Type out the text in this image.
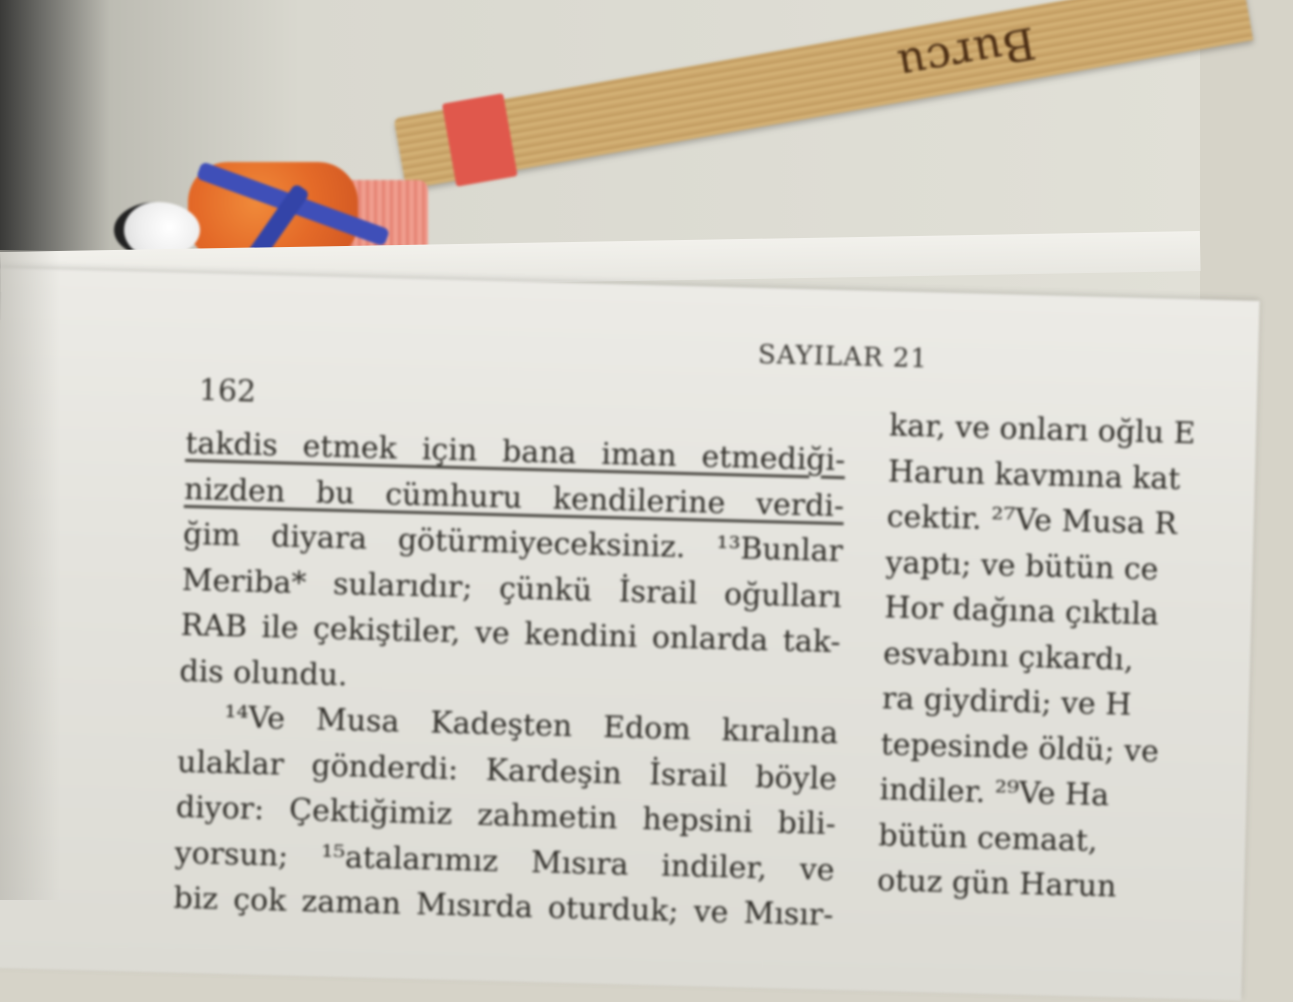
Burcu
SAYILAR 21
162
takdis etmek için bana iman etmediği-
nizden bu cümhuru kendilerine verdi-
ğim diyara götürmiyeceksiniz. ¹³Bunlar
Meriba* sularıdır; çünkü İsrail oğulları
RAB ile çekiştiler, ve kendini onlarda tak-
dis olundu.
¹⁴Ve Musa Kadeşten Edom kıralına
ulaklar gönderdi: Kardeşin İsrail böyle
diyor: Çektiğimiz zahmetin hepsini bili-
yorsun; ¹⁵atalarımız Mısıra indiler, ve
biz çok zaman Mısırda oturduk; ve Mısır-
kar, ve onları oğlu E
Harun kavmına kat
cektir. ²⁷Ve Musa R
yaptı; ve bütün ce
Hor dağına çıktıla
esvabını çıkardı,
ra giydirdi; ve H
tepesinde öldü; ve
indiler. ²⁹Ve Ha
bütün cemaat,
otuz gün Harun
